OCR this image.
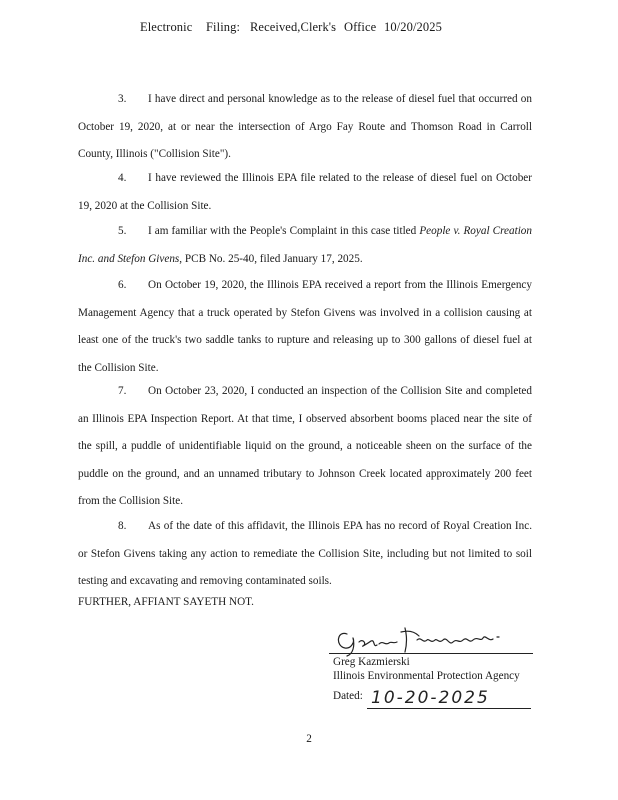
Electronic Filing: Received,Clerk's Office 10/20/2025

3. I have direct and personal knowledge as to the release of diesel fuel that occurred on October 19, 2020, at or near the intersection of Argo Fay Route and Thomson Road in Carroll County, Illinois ("Collision Site").

4. I have reviewed the Illinois EPA file related to the release of diesel fuel on October 19, 2020 at the Collision Site.

5. I am familiar with the People's Complaint in this case titled People v. Royal Creation Inc. and Stefon Givens, PCB No. 25-40, filed January 17, 2025.

6. On October 19, 2020, the Illinois EPA received a report from the Illinois Emergency Management Agency that a truck operated by Stefon Givens was involved in a collision causing at least one of the truck's two saddle tanks to rupture and releasing up to 300 gallons of diesel fuel at the Collision Site.

7. On October 23, 2020, I conducted an inspection of the Collision Site and completed an Illinois EPA Inspection Report. At that time, I observed absorbent booms placed near the site of the spill, a puddle of unidentifiable liquid on the ground, a noticeable sheen on the surface of the puddle on the ground, and an unnamed tributary to Johnson Creek located approximately 200 feet from the Collision Site.

8. As of the date of this affidavit, the Illinois EPA has no record of Royal Creation Inc. or Stefon Givens taking any action to remediate the Collision Site, including but not limited to soil testing and excavating and removing contaminated soils.

FURTHER, AFFIANT SAYETH NOT.
Greg Kazmierski
Illinois Environmental Protection Agency
Dated: 10-20-2025
2
